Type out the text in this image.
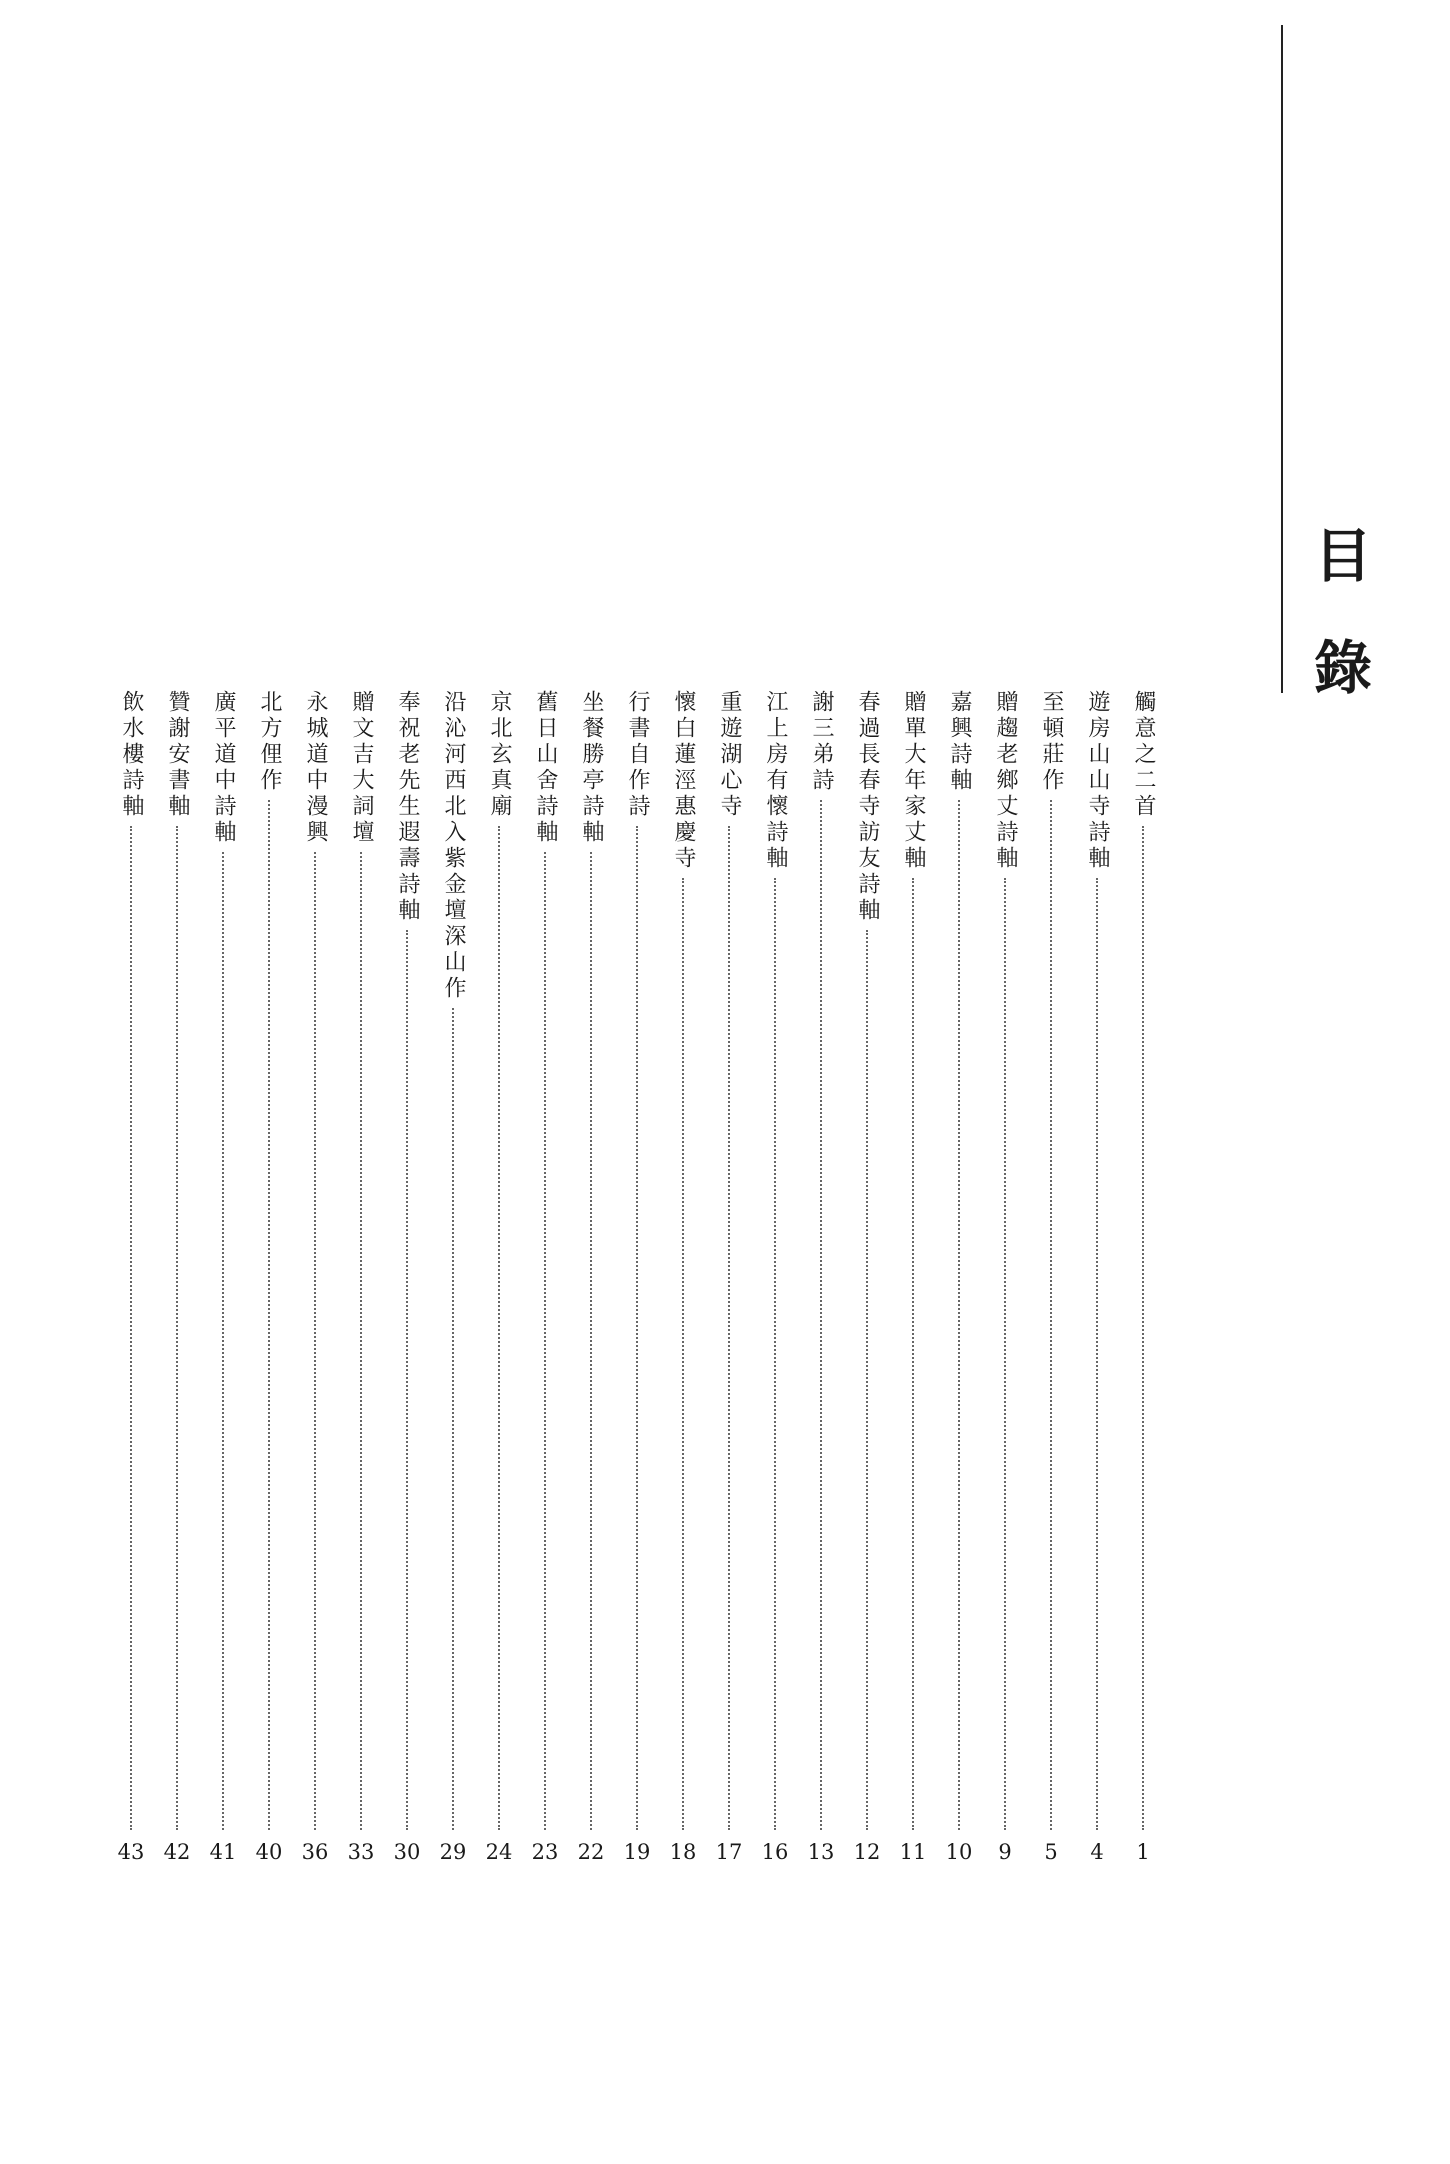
目
錄
觸意之二首
1
遊房山山寺詩軸
4
至頓莊作
5
贈趨老鄉丈詩軸
9
嘉興詩軸
10
贈單大年家丈軸
11
春過長春寺訪友詩軸
12
謝三弟詩
13
江上房有懷詩軸
16
重遊湖心寺
17
懷白蓮涇惠慶寺
18
行書自作詩
19
坐餐勝亭詩軸
22
舊日山舍詩軸
23
京北玄真廟
24
沿沁河西北入紫金壇深山作
29
奉祝老先生遐壽詩軸
30
贈文吉大詞壇
33
永城道中漫興
36
北方俚作
40
廣平道中詩軸
41
贊謝安書軸
42
飲水樓詩軸
43
